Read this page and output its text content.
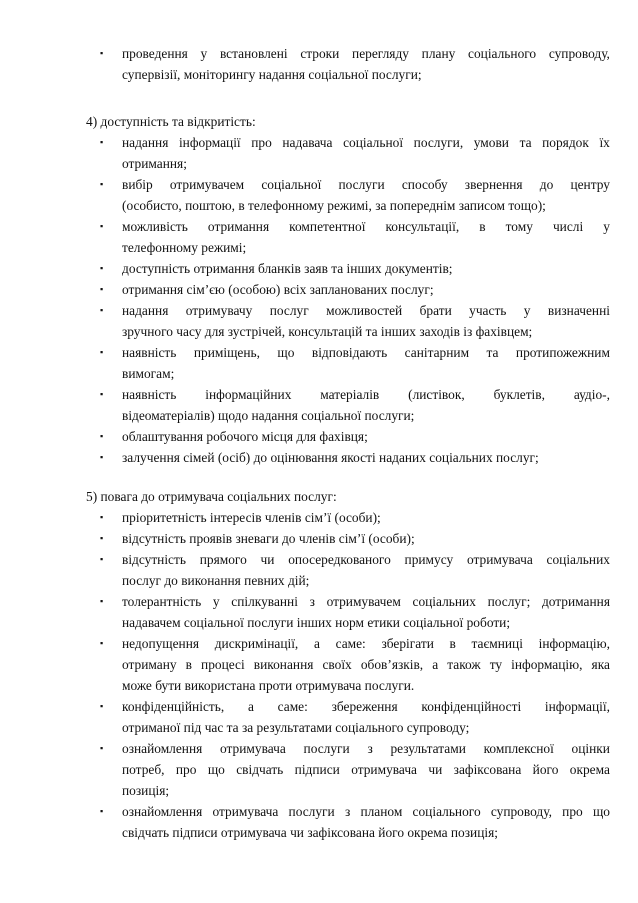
▪	проведення у встановлені строки перегляду плану соціального супроводу,
супервізії, моніторингу надання соціальної послуги;
4) доступність та відкритість:
▪	надання інформації про надавача соціальної послуги, умови та порядок їх
отримання;
▪	вибір отримувачем соціальної послуги способу звернення до центру
(особисто, поштою, в телефонному режимі, за попереднім записом тощо);
▪	можливість отримання компетентної консультації, в тому числі у
телефонному режимі;
▪	доступність отримання бланків заяв та інших документів;
▪	отримання сім’єю (особою) всіх запланованих послуг;
▪	надання отримувачу послуг можливостей брати участь у визначенні
зручного часу для зустрічей, консультацій та інших заходів із фахівцем;
▪	наявність приміщень, що відповідають санітарним та протипожежним
вимогам;
▪	наявність інформаційних матеріалів (листівок, буклетів, аудіо-,
відеоматеріалів) щодо надання соціальної послуги;
▪	облаштування робочого місця для фахівця;
▪	залучення сімей (осіб) до оцінювання якості наданих соціальних послуг;
5) повага до отримувача соціальних послуг:
▪	пріоритетність інтересів членів сім’ї (особи);
▪	відсутність проявів зневаги до членів сім’ї (особи);
▪	відсутність прямого чи опосередкованого примусу отримувача соціальних
послуг до виконання певних дій;
▪	толерантність у спілкуванні з отримувачем соціальних послуг; дотримання
надавачем соціальної послуги інших норм етики соціальної роботи;
▪	недопущення дискримінації, а саме: зберігати в таємниці інформацію,
отриману в процесі виконання своїх обов’язків, а також ту інформацію, яка
може бути використана проти отримувача послуги.
▪	конфіденційність, а саме: збереження конфіденційності інформації,
отриманої під час та за результатами соціального супроводу;
▪	ознайомлення отримувача послуги з результатами комплексної оцінки
потреб, про що свідчать підписи отримувача чи зафіксована його окрема
позиція;
▪	ознайомлення отримувача послуги з планом соціального супроводу, про що
свідчать підписи отримувача чи зафіксована його окрема позиція;
